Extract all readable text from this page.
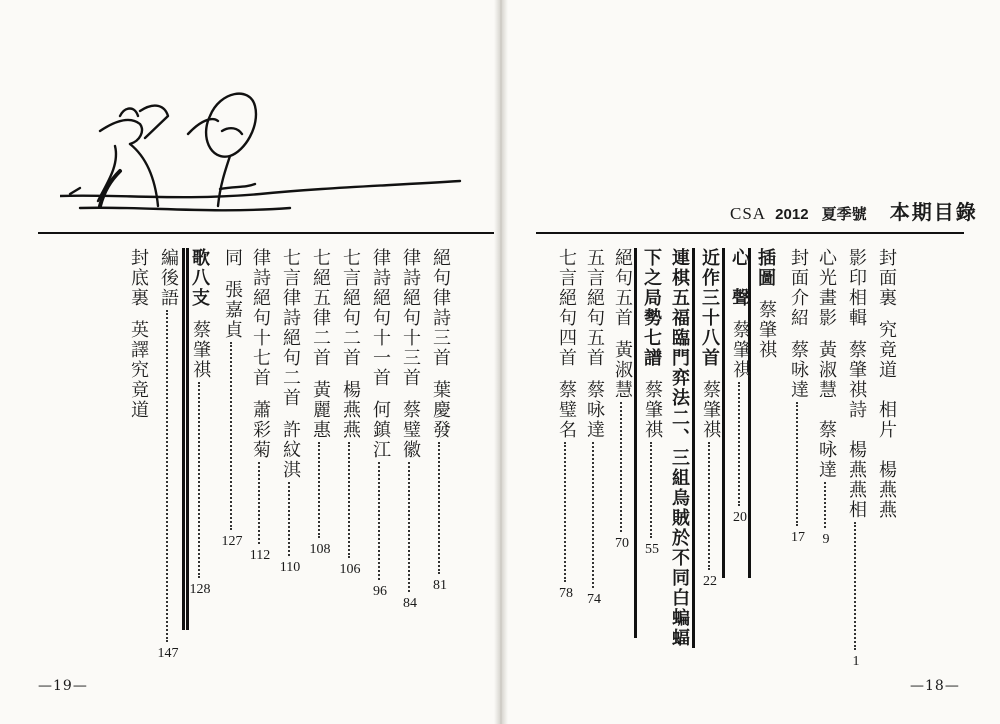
絕句律詩三首
葉慶發
81
律詩絕句十三首
蔡璧徽
84
律詩絕句十一首
何鎮江
96
七言絕句二首
楊燕燕
106
七絕五律二首
黃麗惠
108
七言律詩絕句二首
許紋淇
110
律詩絕句十七首
蕭彩菊
112
同
張嘉貞
127
歌八支
蔡肇祺
128
編後語
147
封底裏
英譯究竟道
—19—
CSA 2012 夏季號 本期目錄
封面裏
究竟道　相片　楊燕燕
影印相輯
蔡肇祺詩　楊燕燕相
1
心光畫影
黃淑慧　蔡咏達
9
封面介紹
蔡咏達
17
插圖
蔡肇祺
心　聲
蔡肇祺
20
近作三十八首
蔡肇祺
22
連棋五福臨門弈法二、三組烏賊於不同白蝙蝠
下之局勢七譜
蔡肇祺
55
絕句五首
黃淑慧
70
五言絕句五首
蔡咏達
74
七言絕句四首
蔡璧名
78
—18—
